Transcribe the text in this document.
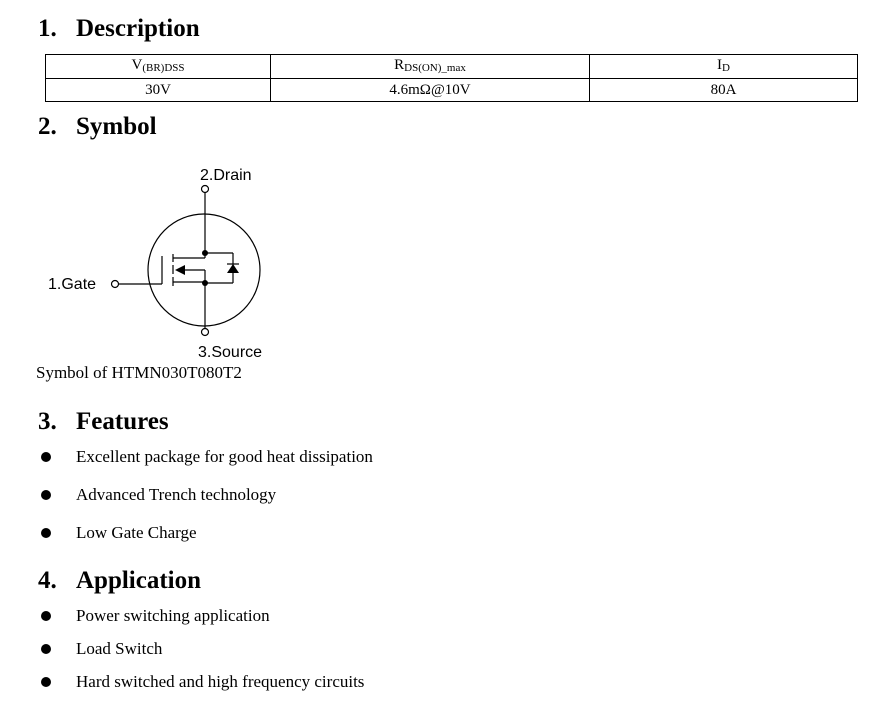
1. Description
$V_{(BR)DSS}$	$R_{DS(ON)\_max}$	$I_D$
30V	4.6mΩ@10V	80A
2. Symbol
2.Drain
1.Gate
3.Source
Symbol of HTMN030T080T2
3. Features
Excellent package for good heat dissipation
Advanced Trench technology
Low Gate Charge
4. Application
Power switching application
Load Switch
Hard switched and high frequency circuits
